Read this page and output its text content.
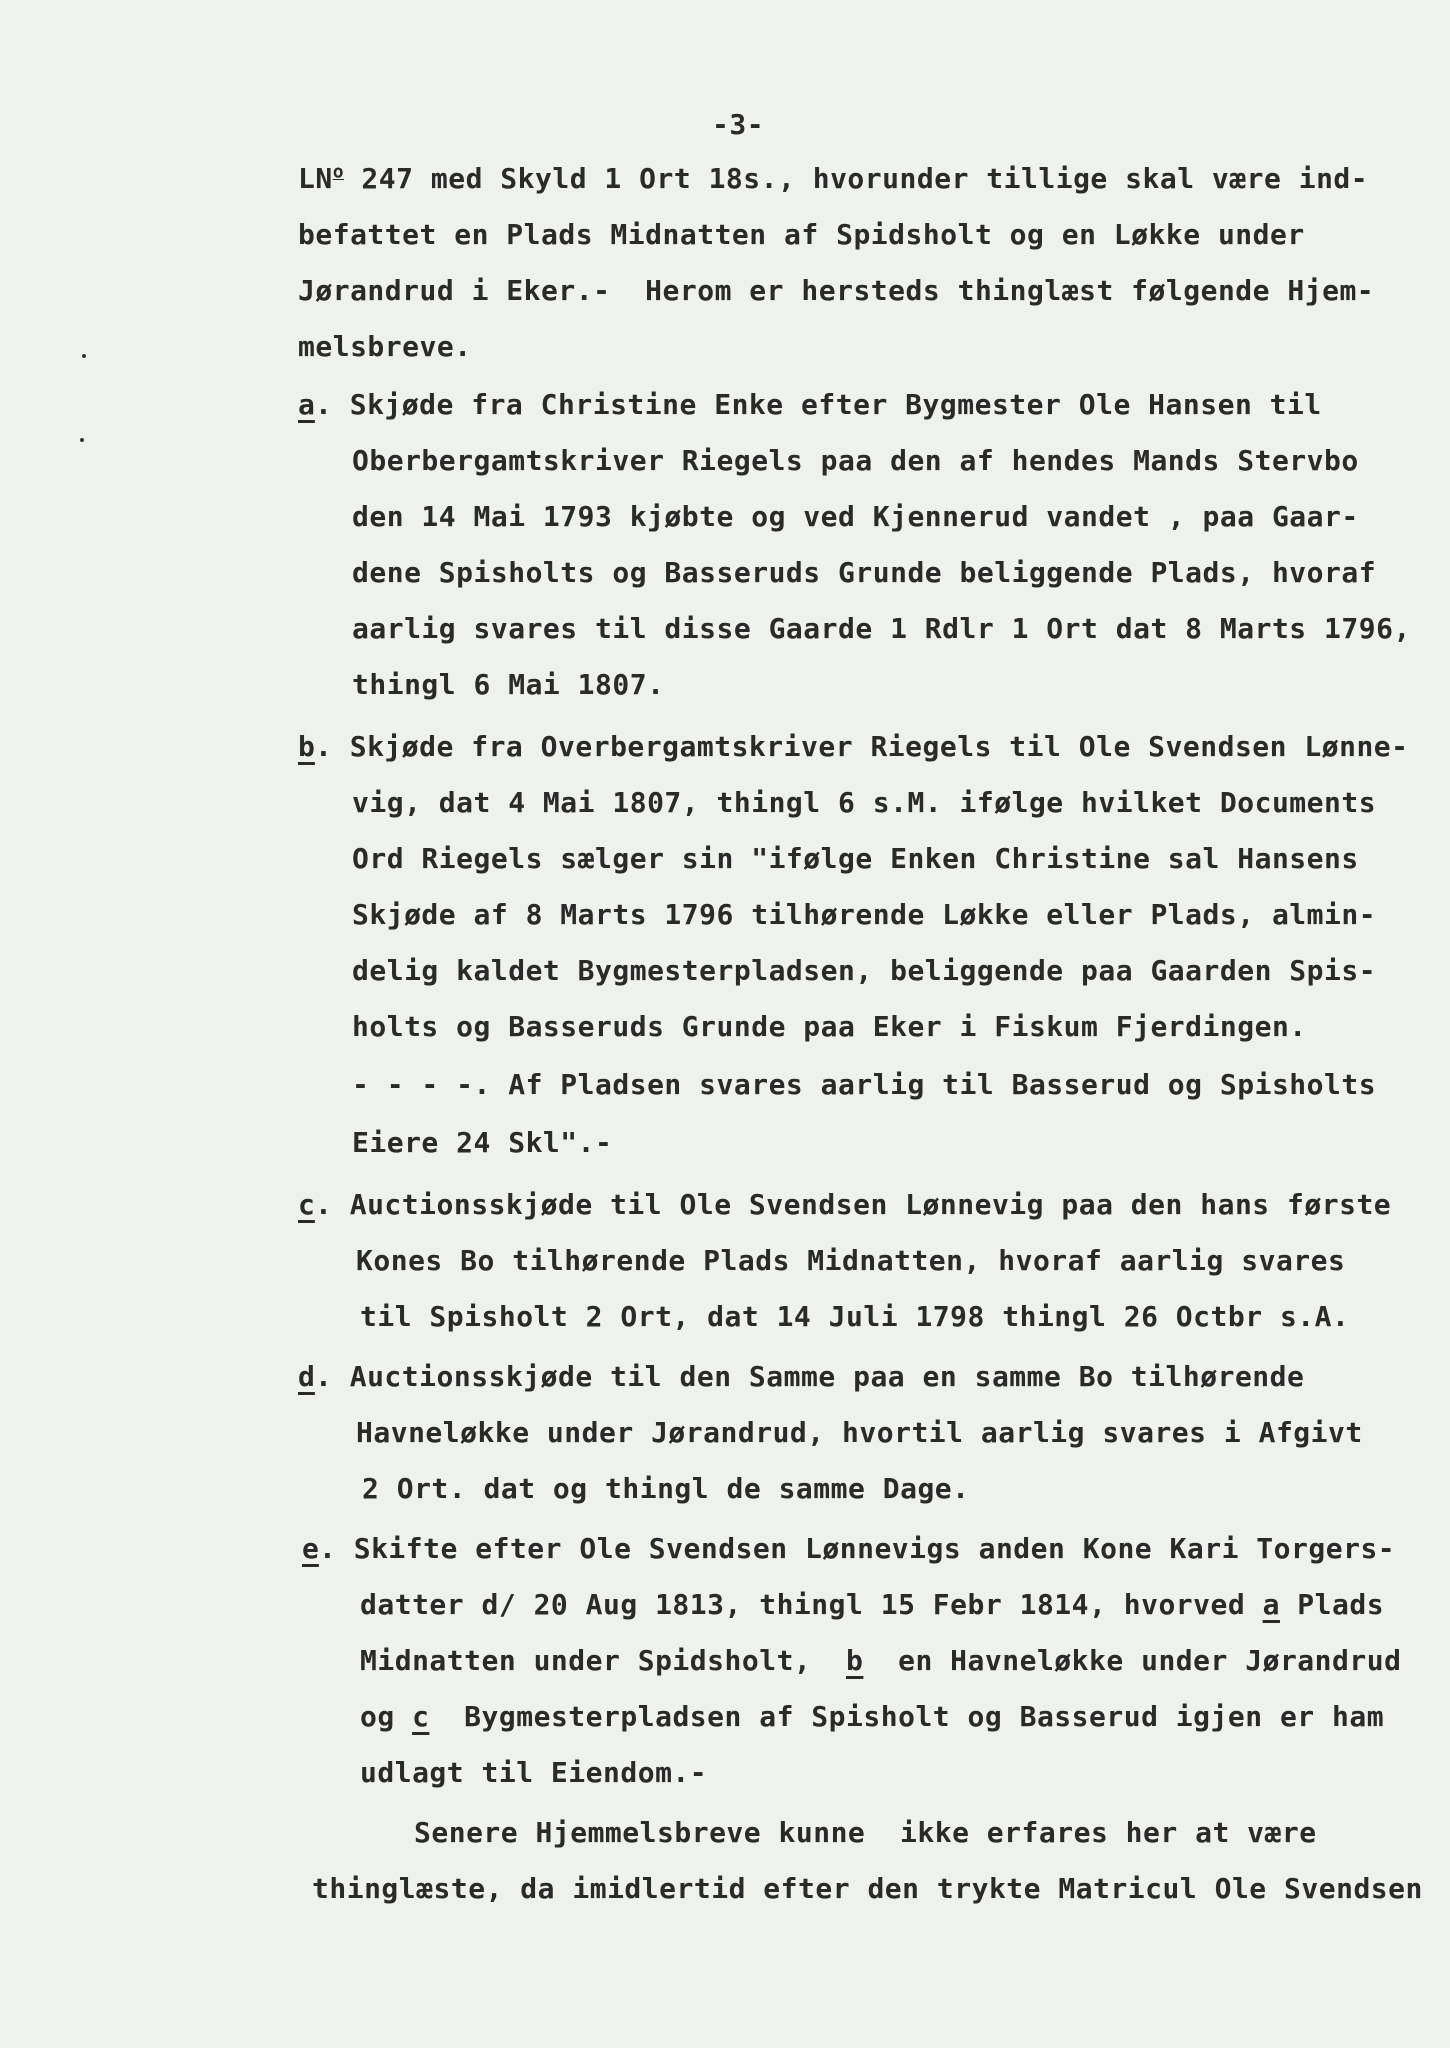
-3-
$LN^o$ 247 med Skyld 1 Ort 18s., hvorunder tillige skal være ind-
befattet en Plads Midnatten af Spidsholt og en Løkke under
Jørandrud i Eker.-  Herom er hersteds thinglæst følgende Hjem-
melsbreve.
a . Skjøde fra Christine Enke efter Bygmester Ole Hansen til
Oberbergamtskriver Riegels paa den af hendes Mands Stervbo
den 14 Mai 1793 kjøbte og ved Kjennerud vandet , paa Gaar-
dene Spisholts og Basseruds Grunde beliggende Plads, hvoraf
aarlig svares til disse Gaarde 1 Rdlr 1 Ort dat 8 Marts 1796,
thingl 6 Mai 1807.
b . Skjøde fra Overbergamtskriver Riegels til Ole Svendsen Lønne-
vig, dat 4 Mai 1807, thingl 6 s.M. ifølge hvilket Documents
Ord Riegels sælger sin "ifølge Enken Christine sal Hansens
Skjøde af 8 Marts 1796 tilhørende Løkke eller Plads, almin-
delig kaldet Bygmesterpladsen, beliggende paa Gaarden Spis-
holts og Basseruds Grunde paa Eker i Fiskum Fjerdingen.
- - - -. Af Pladsen svares aarlig til Basserud og Spisholts
Eiere 24 Skl".-
c . Auctionsskjøde til Ole Svendsen Lønnevig paa den hans første
Kones Bo tilhørende Plads Midnatten, hvoraf aarlig svares
til Spisholt 2 Ort, dat 14 Juli 1798 thingl 26 Octbr s.A.
d . Auctionsskjøde til den Samme paa en samme Bo tilhørende
Havneløkke under Jørandrud, hvortil aarlig svares i Afgivt
2 Ort. dat og thingl de samme Dage.
e . Skifte efter Ole Svendsen Lønnevigs anden Kone Kari Torgers-
datter d/ 20 Aug 1813, thingl 15 Febr 1814, hvorved a Plads
Midnatten under Spidsholt,  b  en Havneløkke under Jørandrud
og c  Bygmesterpladsen af Spisholt og Basserud igjen er ham
udlagt til Eiendom.-
Senere Hjemmelsbreve kunne  ikke erfares her at være
thinglæste, da imidlertid efter den trykte Matricul Ole Svendsen
